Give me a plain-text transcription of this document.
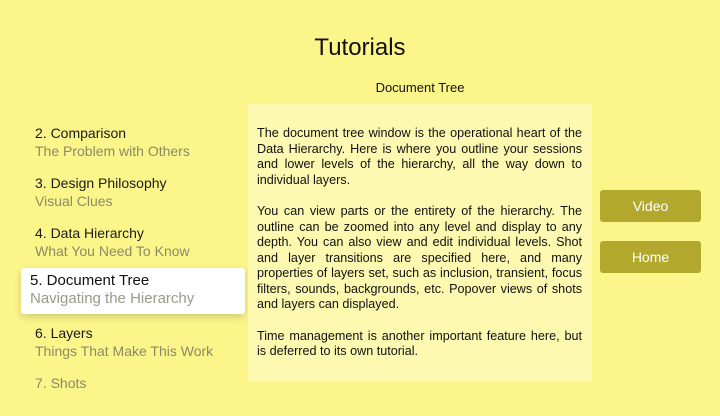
Tutorials
Document Tree
2. Comparison
The Problem with Others
3. Design Philosophy
Visual Clues
4. Data Hierarchy
What You Need To Know
5. Document Tree
Navigating the Hierarchy
6. Layers
Things That Make This Work
7. Shots

The document tree window is the operational heart of the Data Hierarchy. Here is where you outline your sessions and lower levels of the hierarchy, all the way down to individual layers.

You can view parts or the entirety of the hierarchy. The outline can be zoomed into any level and display to any depth. You can also view and edit individual levels. Shot and layer transitions are specified here, and many properties of layers set, such as inclusion, transient, focus filters, sounds, backgrounds, etc. Popover views of shots and layers can displayed.

Time management is another important feature here, but is deferred to its own tutorial.

Video
Home
